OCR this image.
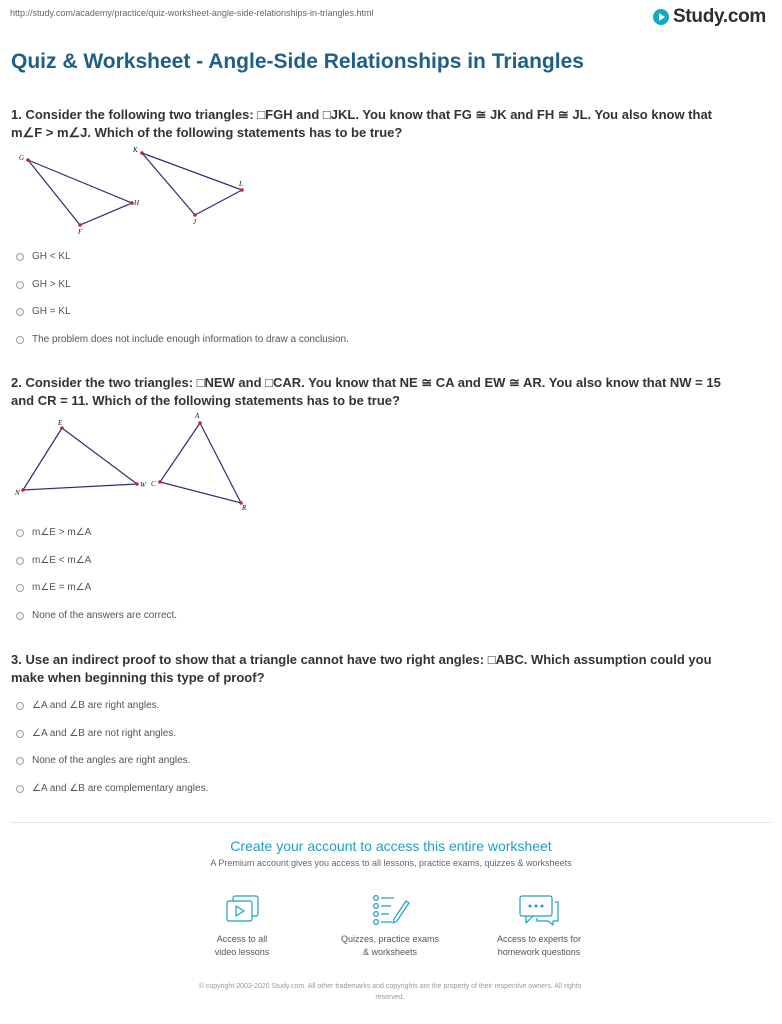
http://study.com/academy/practice/quiz-worksheet-angle-side-relationships-in-triangles.html	Study.com
Quiz & Worksheet - Angle-Side Relationships in Triangles

1. Consider the following two triangles: □FGH and □JKL. You know that FG ≅ JK and FH ≅ JL. You also know that

m∠F > m∠J. Which of the following statements has to be true?

G
H
F
K
L
J
GH < KL
GH > KL
GH = KL
The problem does not include enough information to draw a conclusion.

2. Consider the two triangles: □NEW and □CAR. You know that NE ≅ CA and EW ≅ AR. You also know that NW = 15

and CR = 11. Which of the following statements has to be true?

E
N
W
A
C
R
m∠E > m∠A
m∠E < m∠A
m∠E = m∠A
None of the answers are correct.

3. Use an indirect proof to show that a triangle cannot have two right angles: □ABC. Which assumption could you

make when beginning this type of proof?

∠A and ∠B are right angles.
∠A and ∠B are not right angles.
None of the angles are right angles.
∠A and ∠B are complementary angles.
Create your account to access this entire worksheet
A Premium account gives you access to all lessons, practice exams, quizzes & worksheets
Access to all
video lessons
Quizzes, practice exams
& worksheets
Access to experts for
homework questions
© copyright 2003-2020 Study.com. All other trademarks and copyrights are the property of their respective owners. All rights
reserved.
